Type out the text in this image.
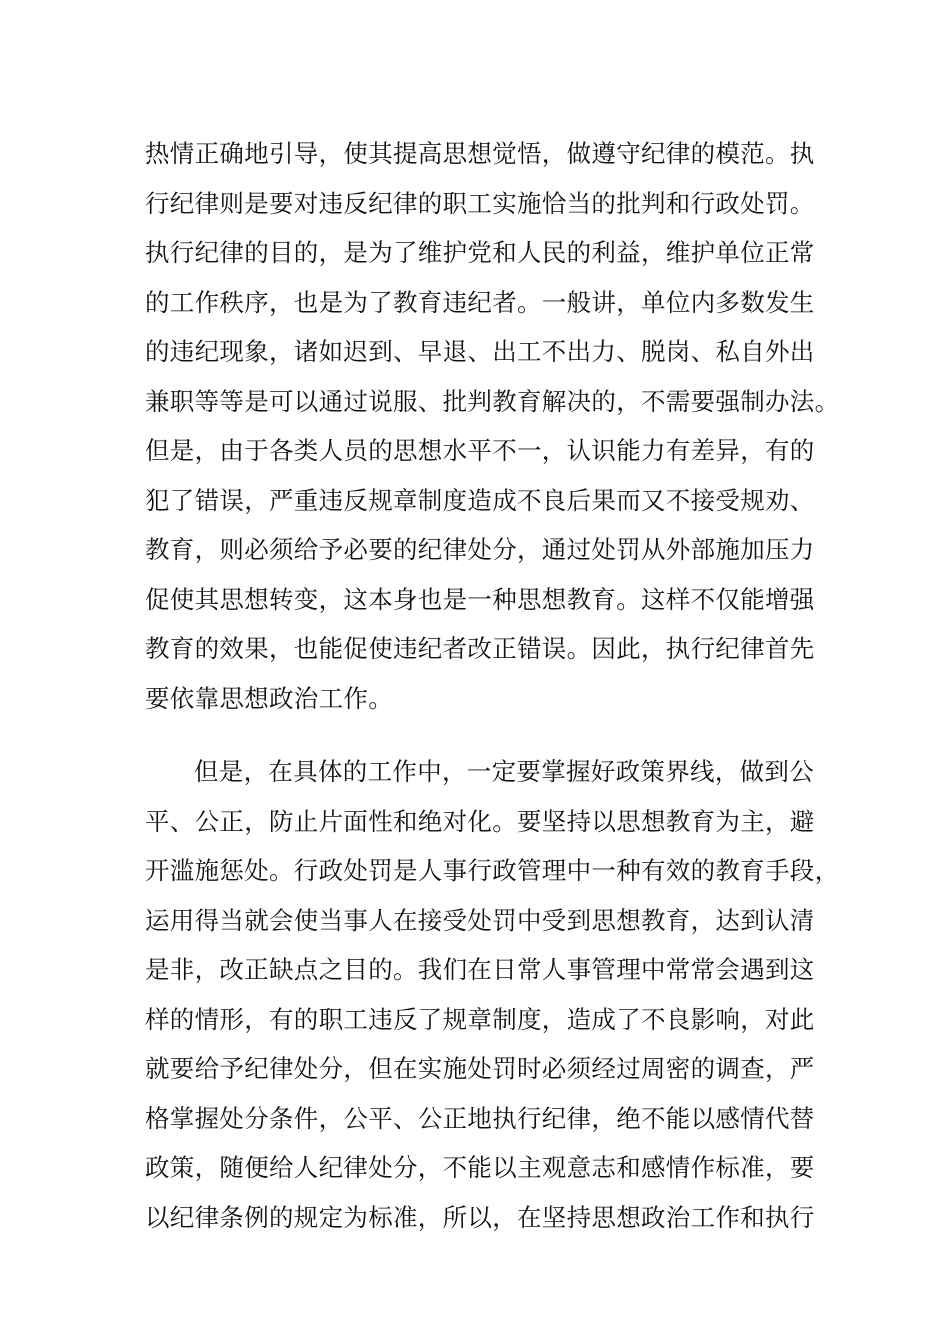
热情正确地引导，使其提高思想觉悟，做遵守纪律的模范。执
行纪律则是要对违反纪律的职工实施恰当的批判和行政处罚。
执行纪律的目的，是为了维护党和人民的利益，维护单位正常
的工作秩序，也是为了教育违纪者。一般讲，单位内多数发生
的违纪现象，诸如迟到、早退、出工不出力、脱岗、私自外出
兼职等等是可以通过说服、批判教育解决的，不需要强制办法。
但是，由于各类人员的思想水平不一，认识能力有差异，有的
犯了错误，严重违反规章制度造成不良后果而又不接受规劝、
教育，则必须给予必要的纪律处分，通过处罚从外部施加压力
促使其思想转变，这本身也是一种思想教育。这样不仅能增强
教育的效果，也能促使违纪者改正错误。因此，执行纪律首先
要依靠思想政治工作。
但是，在具体的工作中，一定要掌握好政策界线，做到公
平、公正，防止片面性和绝对化。要坚持以思想教育为主，避
开滥施惩处。行政处罚是人事行政管理中一种有效的教育手段，
运用得当就会使当事人在接受处罚中受到思想教育，达到认清
是非，改正缺点之目的。我们在日常人事管理中常常会遇到这
样的情形，有的职工违反了规章制度，造成了不良影响，对此
就要给予纪律处分，但在实施处罚时必须经过周密的调查，严
格掌握处分条件，公平、公正地执行纪律，绝不能以感情代替
政策，随便给人纪律处分，不能以主观意志和感情作标准，要
以纪律条例的规定为标准，所以，在坚持思想政治工作和执行
